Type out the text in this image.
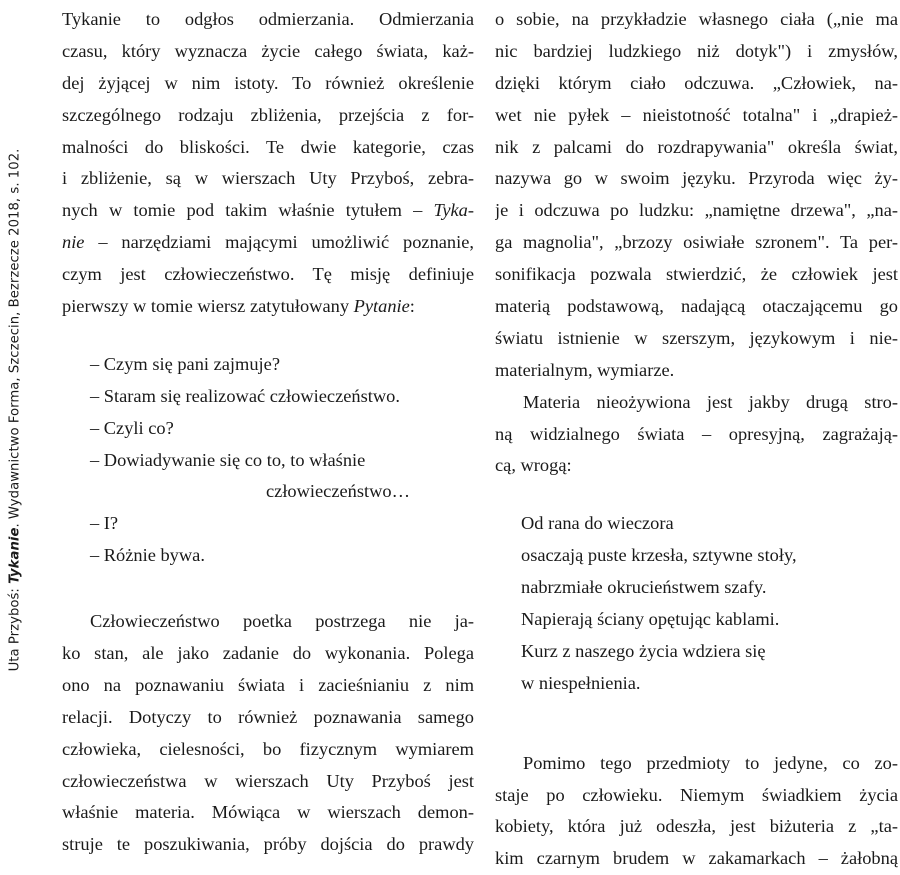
Uta Przyboś: Tykanie. Wydawnictwo Forma, Szczecin, Bezrzecze 2018, s. 102.
Tykanie to odgłos odmierzania. Odmierzania
czasu, który wyznacza życie całego świata, każ-
dej żyjącej w nim istoty. To również określenie
szczególnego rodzaju zbliżenia, przejścia z for-
malności do bliskości. Te dwie kategorie, czas
i zbliżenie, są w wierszach Uty Przyboś, zebra-
nych w tomie pod takim właśnie tytułem – Tyka-
nie – narzędziami mającymi umożliwić poznanie,
czym jest człowieczeństwo. Tę misję definiuje
pierwszy w tomie wiersz zatytułowany Pytanie:
– Czym się pani zajmuje?
– Staram się realizować człowieczeństwo.
– Czyli co?
– Dowiadywanie się co to, to właśnie
człowieczeństwo…
– I?
– Różnie bywa.
Człowieczeństwo poetka postrzega nie ja-
ko stan, ale jako zadanie do wykonania. Polega
ono na poznawaniu świata i zacieśnianiu z nim
relacji. Dotyczy to również poznawania samego
człowieka, cielesności, bo fizycznym wymiarem
człowieczeństwa w wierszach Uty Przyboś jest
właśnie materia. Mówiąca w wierszach demon-
struje te poszukiwania, próby dojścia do prawdy
o sobie, na przykładzie własnego ciała („nie ma
nic bardziej ludzkiego niż dotyk") i zmysłów,
dzięki którym ciało odczuwa. „Człowiek, na-
wet nie pyłek – nieistotność totalna" i „drapież-
nik z palcami do rozdrapywania" określa świat,
nazywa go w swoim języku. Przyroda więc ży-
je i odczuwa po ludzku: „namiętne drzewa", „na-
ga magnolia", „brzozy osiwiałe szronem". Ta per-
sonifikacja pozwala stwierdzić, że człowiek jest
materią podstawową, nadającą otaczającemu go
światu istnienie w szerszym, językowym i nie-
materialnym, wymiarze.
Materia nieożywiona jest jakby drugą stro-
ną widzialnego świata – opresyjną, zagrażają-
cą, wrogą:
Od rana do wieczora
osaczają puste krzesła, sztywne stoły,
nabrzmiałe okrucieństwem szafy.
Napierają ściany opętując kablami.
Kurz z naszego życia wdziera się
w niespełnienia.
Pomimo tego przedmioty to jedyne, co zo-
staje po człowieku. Niemym świadkiem życia
kobiety, która już odeszła, jest biżuteria z „ta-
kim czarnym brudem w zakamarkach – żałobną
